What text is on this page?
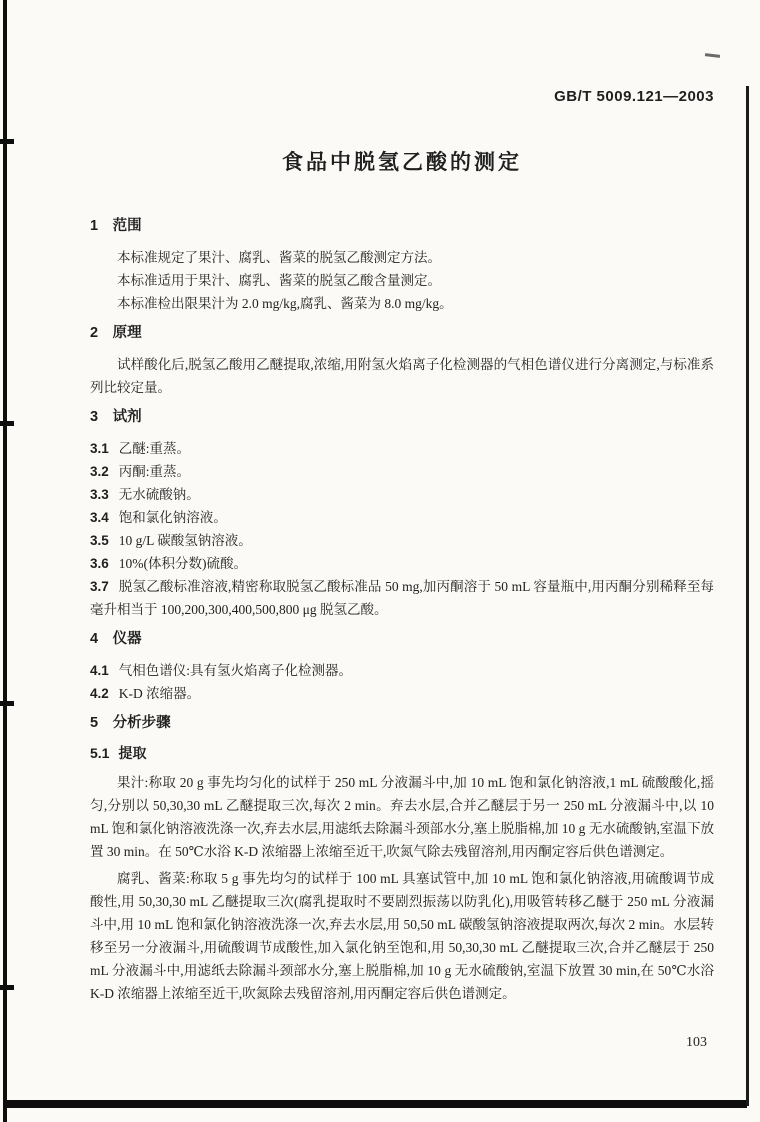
GB/T 5009.121—2003
食品中脱氢乙酸的测定
1　范围

本标准规定了果汁、腐乳、酱菜的脱氢乙酸测定方法。

本标准适用于果汁、腐乳、酱菜的脱氢乙酸含量测定。

本标准检出限果汁为 2.0 mg/kg,腐乳、酱菜为 8.0 mg/kg。

2　原理

试样酸化后,脱氢乙酸用乙醚提取,浓缩,用附氢火焰离子化检测器的气相色谱仪进行分离测定,与标准系列比较定量。

3　试剂

3.1 乙醚:重蒸。

3.2 丙酮:重蒸。

3.3 无水硫酸钠。

3.4 饱和氯化钠溶液。

3.5 10 g/L 碳酸氢钠溶液。

3.6 10%(体积分数)硫酸。

3.7 脱氢乙酸标准溶液,精密称取脱氢乙酸标准品 50 mg,加丙酮溶于 50 mL 容量瓶中,用丙酮分别稀释至每毫升相当于 100,200,300,400,500,800 μg 脱氢乙酸。

4　仪器

4.1 气相色谱仪:具有氢火焰离子化检测器。

4.2 K-D 浓缩器。

5　分析步骤
5.1 提取

果汁:称取 20 g 事先均匀化的试样于 250 mL 分液漏斗中,加 10 mL 饱和氯化钠溶液,1 mL 硫酸酸化,摇匀,分别以 50,30,30 mL 乙醚提取三次,每次 2 min。弃去水层,合并乙醚层于另一 250 mL 分液漏斗中,以 10 mL 饱和氯化钠溶液洗涤一次,弃去水层,用滤纸去除漏斗颈部水分,塞上脱脂棉,加 10 g 无水硫酸钠,室温下放置 30 min。在 50℃水浴 K-D 浓缩器上浓缩至近干,吹氮气除去残留溶剂,用丙酮定容后供色谱测定。

腐乳、酱菜:称取 5 g 事先均匀的试样于 100 mL 具塞试管中,加 10 mL 饱和氯化钠溶液,用硫酸调节成酸性,用 50,30,30 mL 乙醚提取三次(腐乳提取时不要剧烈振荡以防乳化),用吸管转移乙醚于 250 mL 分液漏斗中,用 10 mL 饱和氯化钠溶液洗涤一次,弃去水层,用 50,50 mL 碳酸氢钠溶液提取两次,每次 2 min。水层转移至另一分液漏斗,用硫酸调节成酸性,加入氯化钠至饱和,用 50,30,30 mL 乙醚提取三次,合并乙醚层于 250 mL 分液漏斗中,用滤纸去除漏斗颈部水分,塞上脱脂棉,加 10 g 无水硫酸钠,室温下放置 30 min,在 50℃水浴 K-D 浓缩器上浓缩至近干,吹氮除去残留溶剂,用丙酮定容后供色谱测定。

103
